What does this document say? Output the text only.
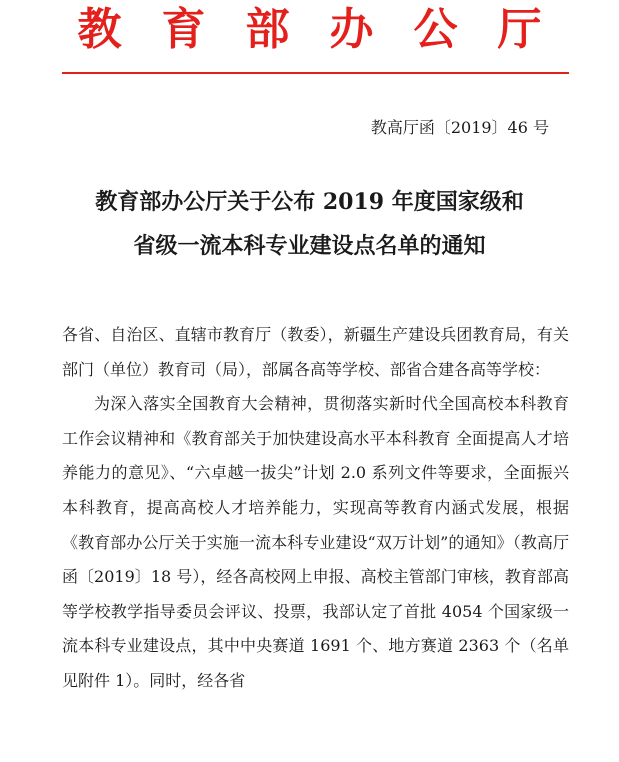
教育部办公厅
教高厅函〔2019〕46 号
教育部办公厅关于公布 2019 年度国家级和
省级一流本科专业建设点名单的通知

各省、自治区、直辖市教育厅（教委），新疆生产建设兵团教育局，有关部门（单位）教育司（局），部属各高等学校、部省合建各高等学校：

为深入落实全国教育大会精神，贯彻落实新时代全国高校本科教育工作会议精神和《教育部关于加快建设高水平本科教育 全面提高人才培养能力的意见》、“六卓越一拔尖”计划 2.0 系列文件等要求，全面振兴本科教育，提高高校人才培养能力，实现高等教育内涵式发展，根据《教育部办公厅关于实施一流本科专业建设“双万计划”的通知》（教高厅函〔2019〕18 号），经各高校网上申报、高校主管部门审核，教育部高等学校教学指导委员会评议、投票，我部认定了首批 4054 个国家级一流本科专业建设点，其中中央赛道 1691 个、地方赛道 2363 个（名单见附件 1）。同时，经各省
